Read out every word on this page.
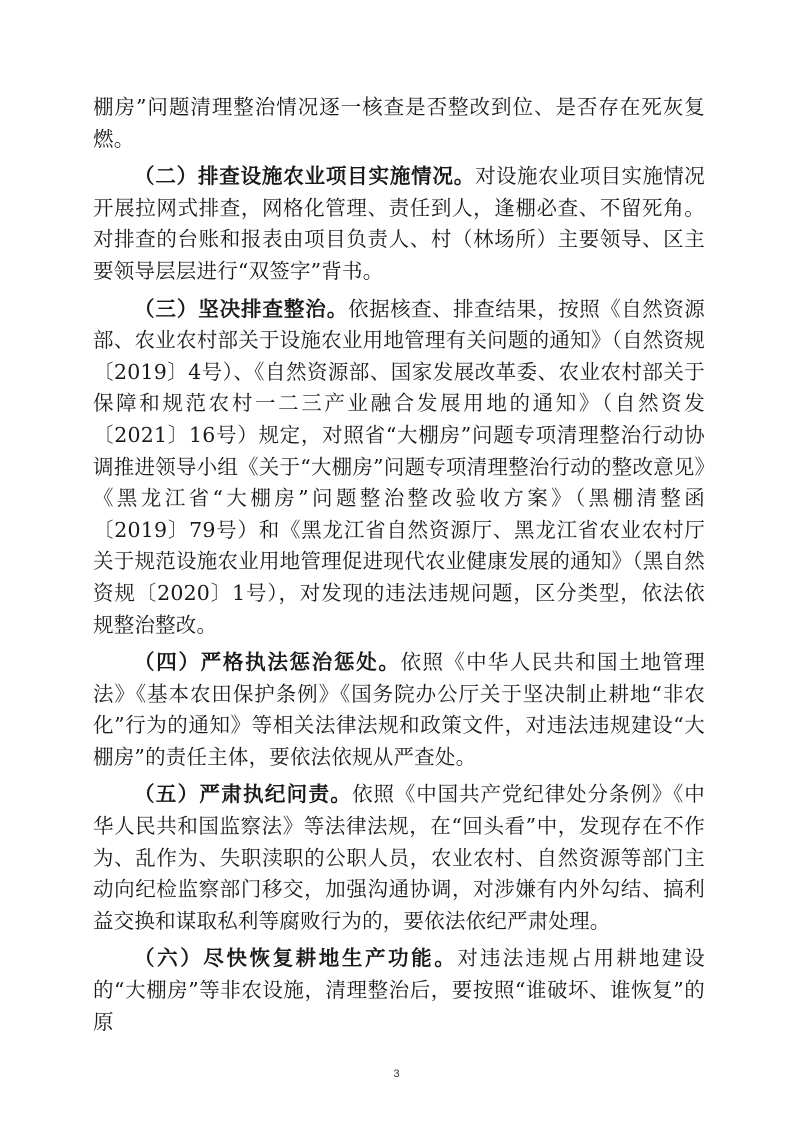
棚房”问题清理整治情况逐一核查是否整改到位、是否存在死灰复燃。

（二）排查设施农业项目实施情况。对设施农业项目实施情况开展拉网式排查，网格化管理、责任到人，逢棚必查、不留死角。对排查的台账和报表由项目负责人、村（林场所）主要领导、区主要领导层层进行“双签字”背书。

（三）坚决排查整治。依据核查、排查结果，按照《自然资源部、农业农村部关于设施农业用地管理有关问题的通知》（自然资规〔2019〕4号）、《自然资源部、国家发展改革委、农业农村部关于保障和规范农村一二三产业融合发展用地的通知》（自然资发〔2021〕16号）规定，对照省“大棚房”问题专项清理整治行动协调推进领导小组《关于“大棚房”问题专项清理整治行动的整改意见》《黑龙江省“大棚房”问题整治整改验收方案》（黑棚清整函〔2019〕79号）和《黑龙江省自然资源厅、黑龙江省农业农村厅关于规范设施农业用地管理促进现代农业健康发展的通知》（黑自然资规〔2020〕1号），对发现的违法违规问题，区分类型，依法依规整治整改。

（四）严格执法惩治惩处。依照《中华人民共和国土地管理法》《基本农田保护条例》《国务院办公厅关于坚决制止耕地“非农化”行为的通知》等相关法律法规和政策文件，对违法违规建设“大棚房”的责任主体，要依法依规从严查处。

（五）严肃执纪问责。依照《中国共产党纪律处分条例》《中华人民共和国监察法》等法律法规，在“回头看”中，发现存在不作为、乱作为、失职渎职的公职人员，农业农村、自然资源等部门主动向纪检监察部门移交，加强沟通协调，对涉嫌有内外勾结、搞利益交换和谋取私利等腐败行为的，要依法依纪严肃处理。

（六）尽快恢复耕地生产功能。对违法违规占用耕地建设的“大棚房”等非农设施，清理整治后，要按照“谁破坏、谁恢复”的原

3
